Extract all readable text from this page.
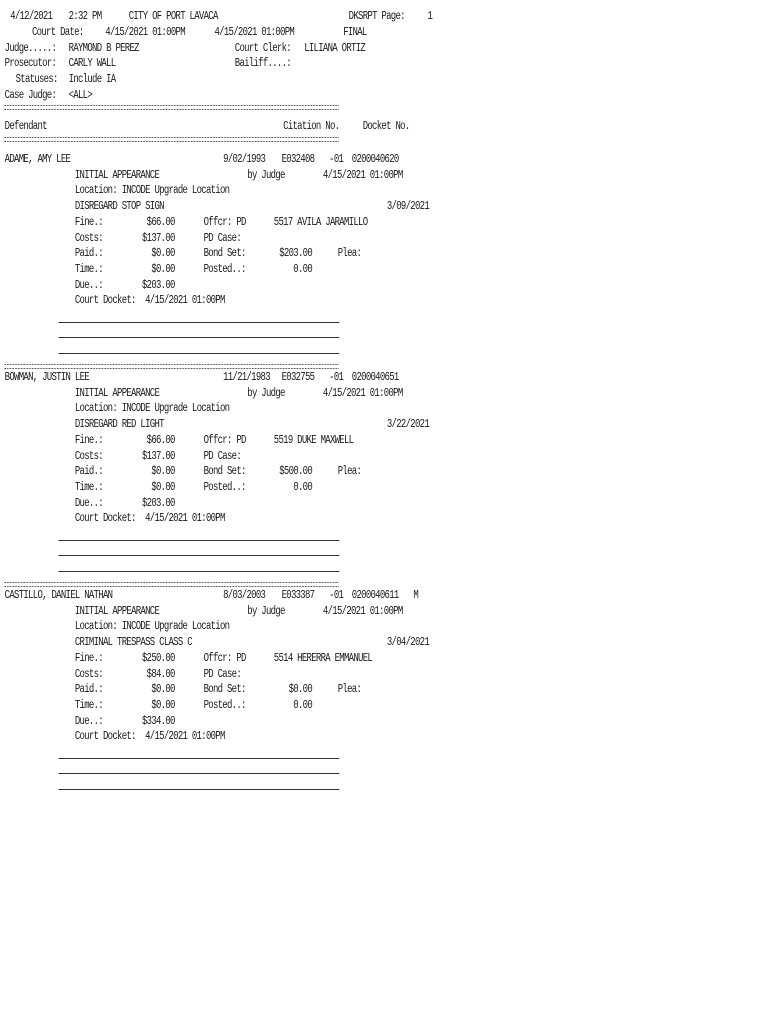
4/12/2021 2:32 PM CITY OF PORT LAVACA	DKSRPT Page: 1
Court Date: 4/15/2021 01:00PM	4/15/2021 01:00PM	FINAL
Judge.....: RAYMOND B PEREZ	Court Clerk: LILIANA ORTIZ
Prosecutor: CARLY WALL	Bailiff....:
Statuses: Include IA
Case Judge: <ALL>
Defendant	Citation No. Docket No.
ADAME, AMY LEE	9/02/1993 E032408 -01 0200040620
INITIAL APPEARANCE	by Judge	4/15/2021 01:00PM
Location: INCODE Upgrade Location
DISREGARD STOP SIGN	3/09/2021
Fine.:	$66.00	Offcr: PD 5517 AVILA JARAMILLO
Costs:	$137.00	PD Case:
Paid.:	$0.00	Bond Set:	$203.00 Plea:
Time.:	$0.00	Posted..:	0.00
Due..:	$203.00
Court Docket:  4/15/2021 01:00PM
BOWMAN, JUSTIN LEE	11/21/1983 E032755 -01 0200040651
INITIAL APPEARANCE	by Judge	4/15/2021 01:00PM
Location: INCODE Upgrade Location
DISREGARD RED LIGHT	3/22/2021
Fine.:	$66.00	Offcr: PD 5519 DUKE MAXWELL
Costs:	$137.00	PD Case:
Paid.:	$0.00	Bond Set:	$500.00 Plea:
Time.:	$0.00	Posted..:	0.00
Due..:	$203.00
Court Docket:  4/15/2021 01:00PM
CASTILLO, DANIEL NATHAN	8/03/2003 E033387 -01 0200040611 M
INITIAL APPEARANCE	by Judge	4/15/2021 01:00PM
Location: INCODE Upgrade Location
CRIMINAL TRESPASS CLASS C	3/04/2021
Fine.:	$250.00	Offcr: PD 5514 HERERRA EMMANUEL
Costs:	$84.00	PD Case:
Paid.:	$0.00	Bond Set:	$0.00 Plea:
Time.:	$0.00	Posted..:	0.00
Due..:	$334.00
Court Docket:  4/15/2021 01:00PM
